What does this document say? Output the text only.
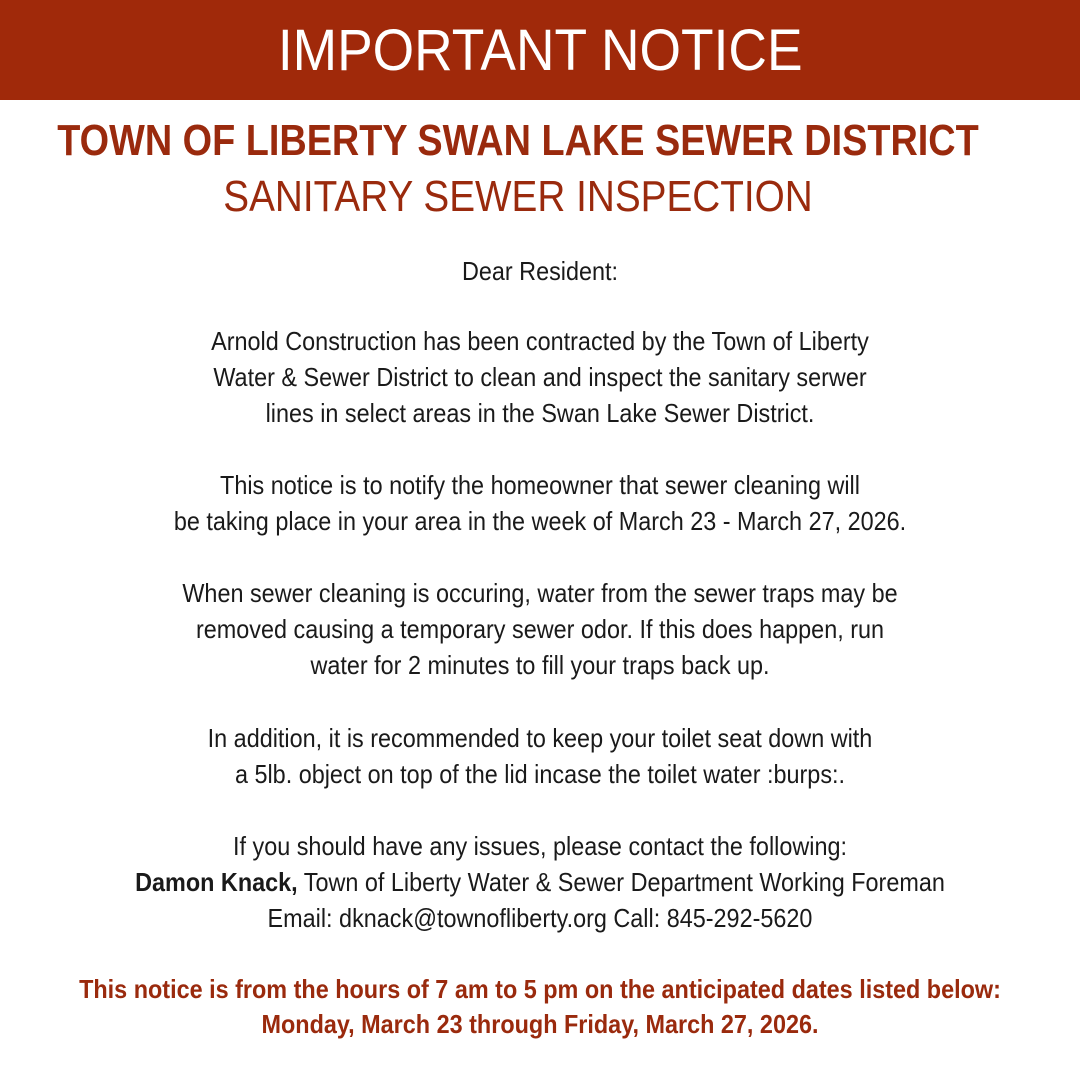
IMPORTANT NOTICE
TOWN OF LIBERTY SWAN LAKE SEWER DISTRICT
SANITARY SEWER INSPECTION
Dear Resident:
Arnold Construction has been contracted by the Town of Liberty
Water & Sewer District to clean and inspect the sanitary serwer
lines in select areas in the Swan Lake Sewer District.
This notice is to notify the homeowner that sewer cleaning will
be taking place in your area in the week of March 23 - March 27, 2026.
When sewer cleaning is occuring, water from the sewer traps may be
removed causing a temporary sewer odor. If this does happen, run
water for 2 minutes to fill your traps back up.
In addition, it is recommended to keep your toilet seat down with
a 5lb. object on top of the lid incase the toilet water :burps:.
If you should have any issues, please contact the following:
Damon Knack, Town of Liberty Water & Sewer Department Working Foreman
Email: dknack@townofliberty.org Call: 845-292-5620
This notice is from the hours of 7 am to 5 pm on the anticipated dates listed below:
Monday, March 23 through Friday, March 27, 2026.
